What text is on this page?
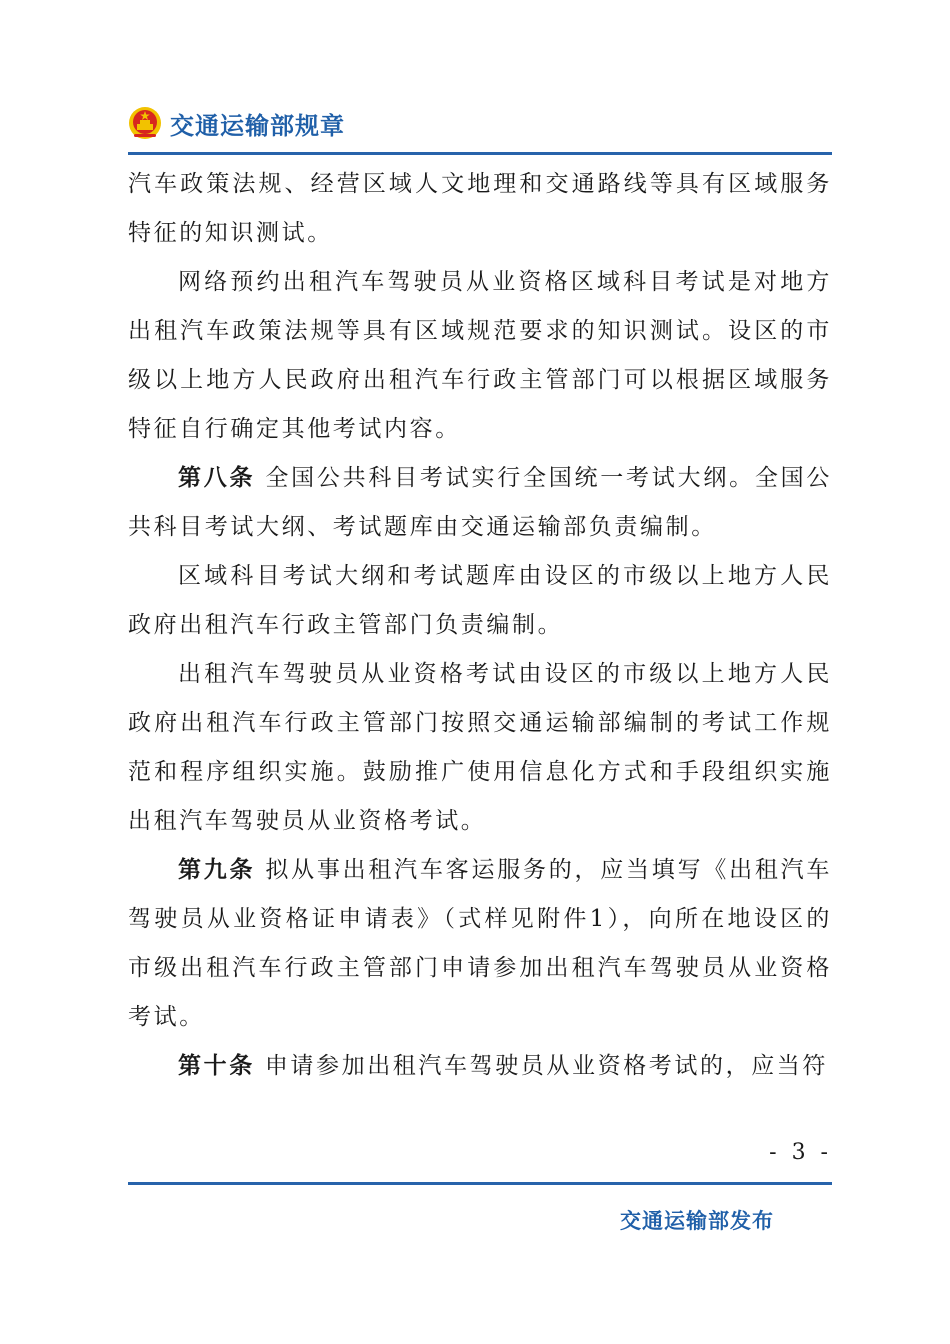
交通运输部规章

汽车政策法规、经营区域人文地理和交通路线等具有区域服务特征的知识测试。

网络预约出租汽车驾驶员从业资格区域科目考试是对地方出租汽车政策法规等具有区域规范要求的知识测试。设区的市级以上地方人民政府出租汽车行政主管部门可以根据区域服务特征自行确定其他考试内容。

第八条 全国公共科目考试实行全国统一考试大纲。全国公共科目考试大纲、考试题库由交通运输部负责编制。

区域科目考试大纲和考试题库由设区的市级以上地方人民政府出租汽车行政主管部门负责编制。

出租汽车驾驶员从业资格考试由设区的市级以上地方人民政府出租汽车行政主管部门按照交通运输部编制的考试工作规范和程序组织实施。鼓励推广使用信息化方式和手段组织实施出租汽车驾驶员从业资格考试。

第九条 拟从事出租汽车客运服务的，应当填写《出租汽车驾驶员从业资格证申请表》（式样见附件1），向所在地设区的市级出租汽车行政主管部门申请参加出租汽车驾驶员从业资格考试。

第十条 申请参加出租汽车驾驶员从业资格考试的，应当符

- 3 -
交通运输部发布
